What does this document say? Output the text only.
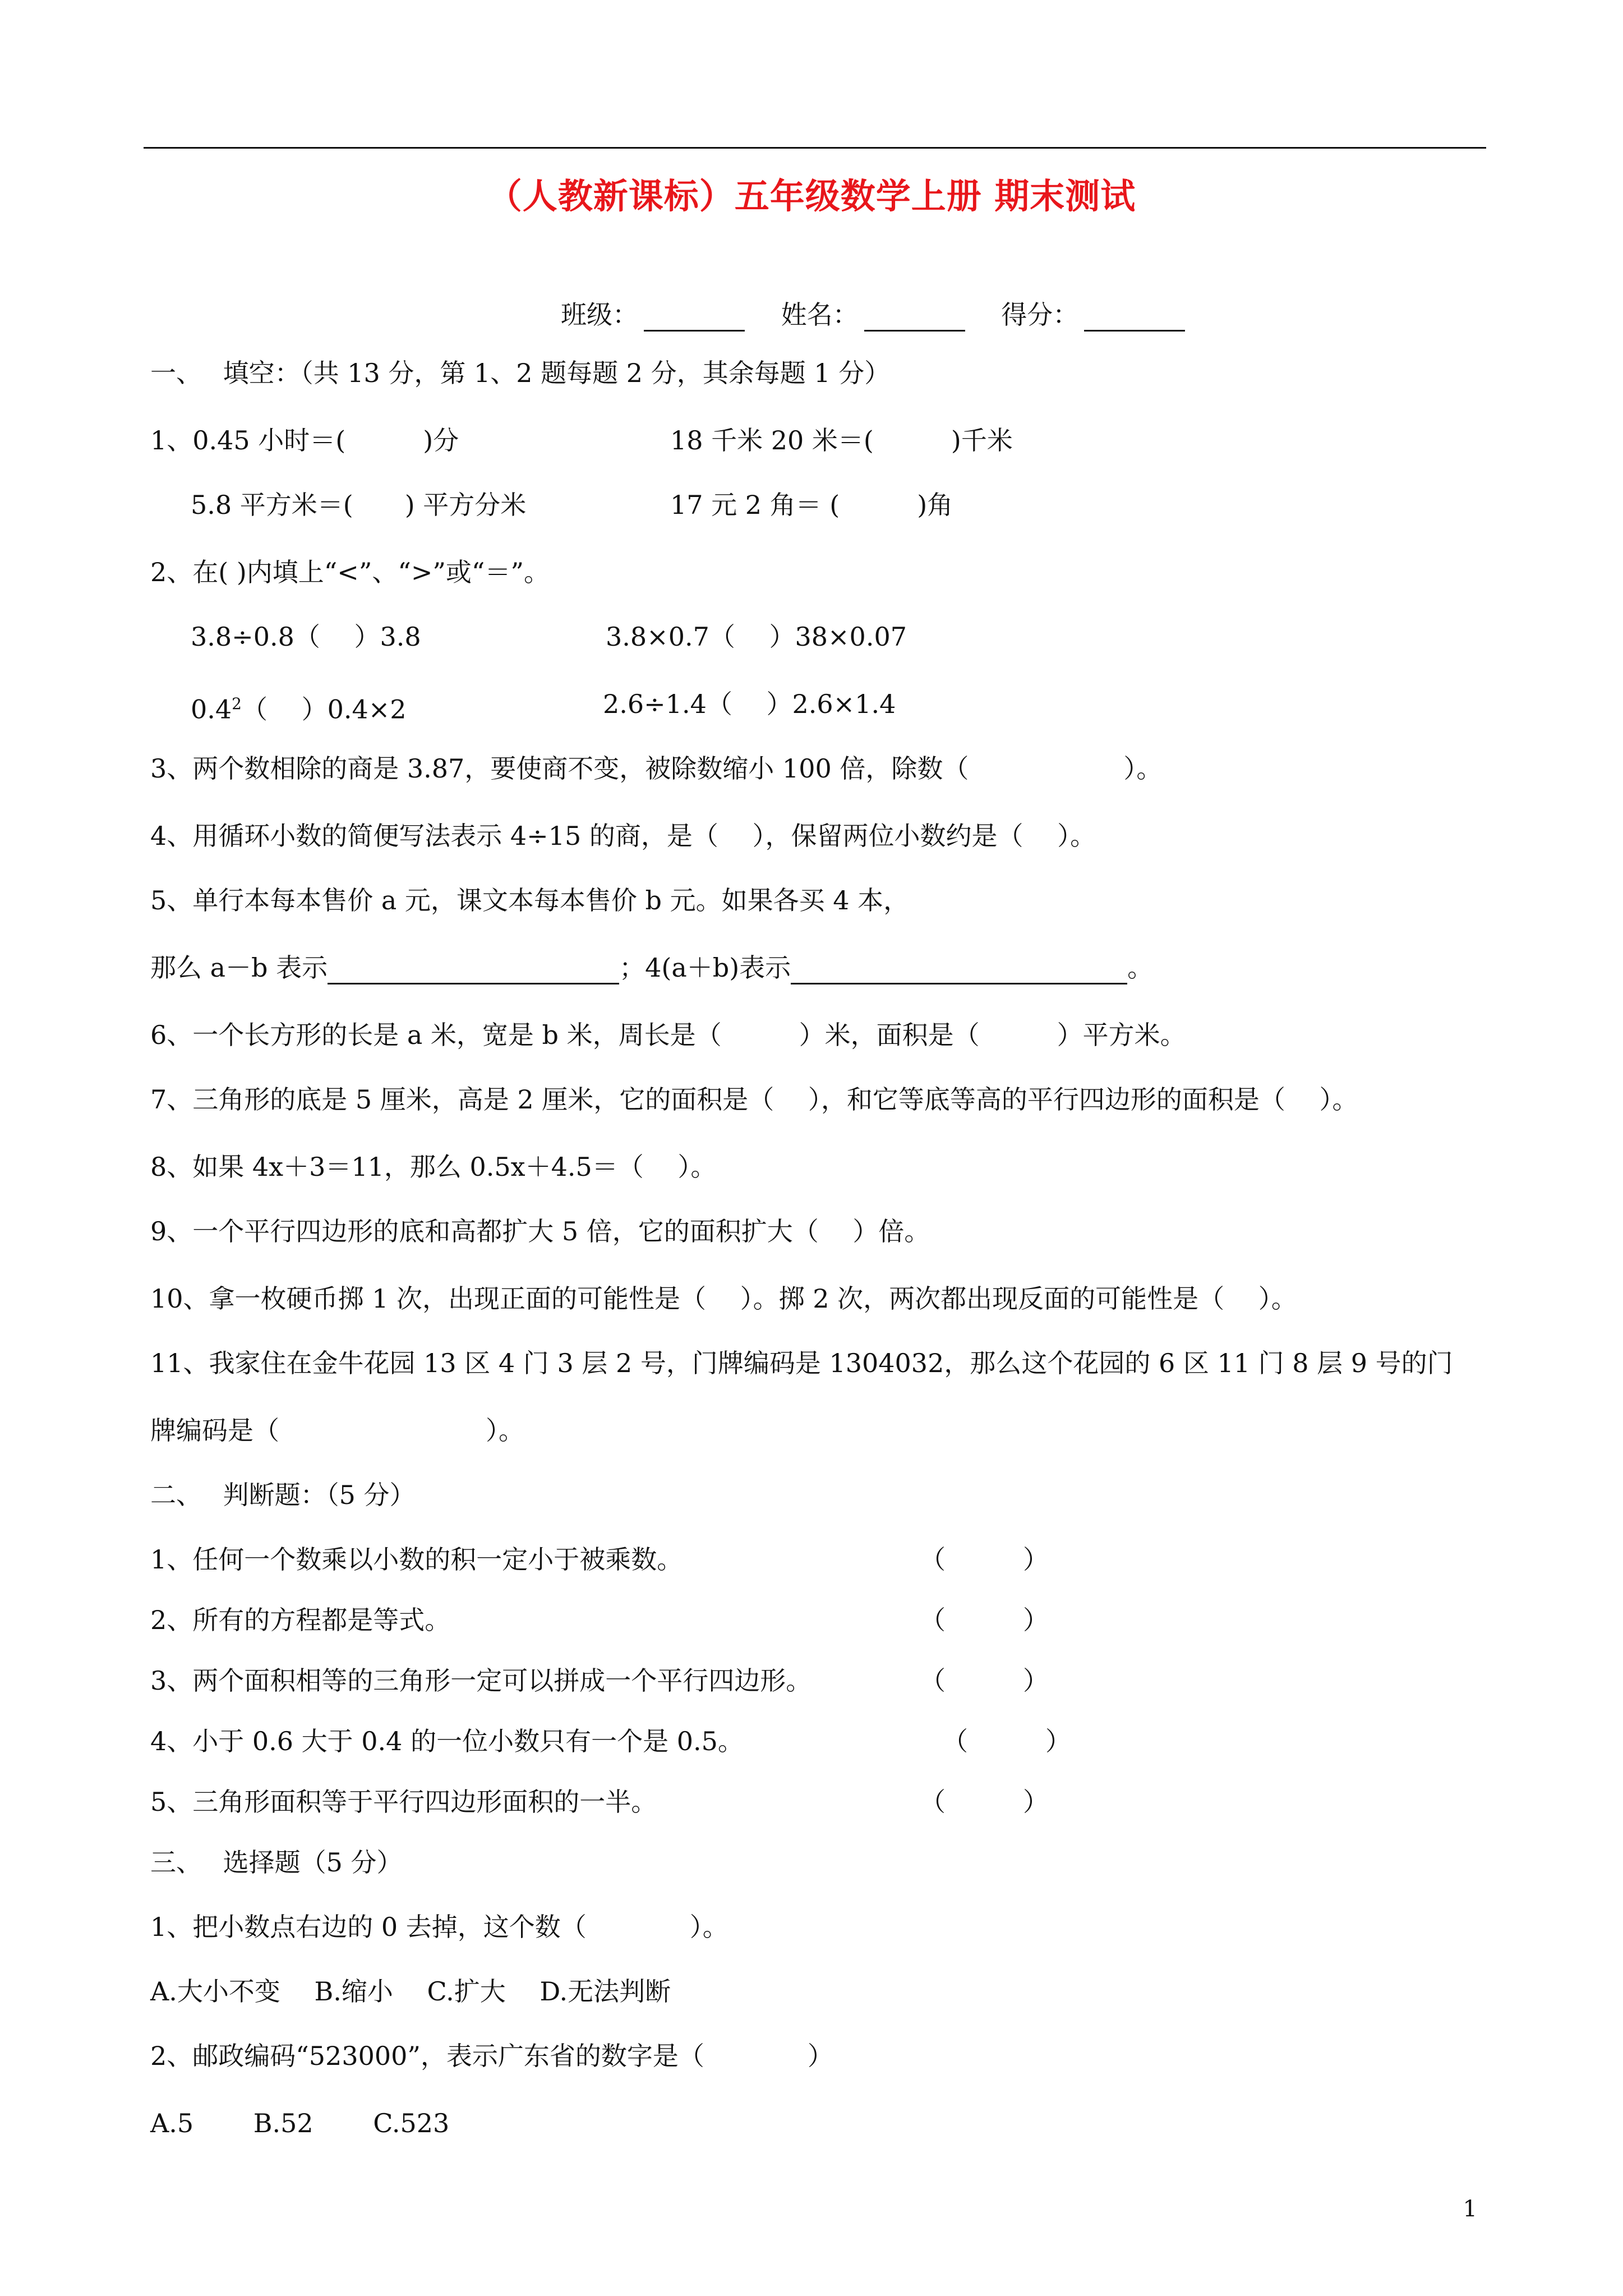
（人教新课标）五年级数学上册 期末测试
班级：	姓名：	得分：
一、　 填空：（共 13 分，第 1、2 题每题 2 分，其余每题 1 分）
1、0.45 小时＝(　　　)分	18 千米 20 米＝(　　　)千米
5.8 平方米＝(　　) 平方分米	17 元 2 角＝ (　　　)角
2、在( )内填上“<”、“>”或“＝”。
3.8÷0.8（　 ）3.8	3.8×0.7（　 ）38×0.07
$0.4^2$（　 ）0.4×2	2.6÷1.4（　 ）2.6×1.4
3、两个数相除的商是 3.87，要使商不变，被除数缩小 100 倍，除数（　　　　　　）。
4、用循环小数的简便写法表示 4÷15 的商，是（　 ），保留两位小数约是（　 ）。
5、单行本每本售价 a 元，课文本每本售价 b 元。如果各买 4 本，
那么 a－b 表示	；4(a＋b)表示	。
6、一个长方形的长是 a 米，宽是 b 米，周长是（　　　）米，面积是（　　　）平方米。
7、三角形的底是 5 厘米，高是 2 厘米，它的面积是（　 ），和它等底等高的平行四边形的面积是（　 ）。
8、如果 4x＋3＝11，那么 0.5x＋4.5＝（　 ）。
9、一个平行四边形的底和高都扩大 5 倍，它的面积扩大（　 ）倍。
10、拿一枚硬币掷 1 次，出现正面的可能性是（　 ）。掷 2 次，两次都出现反面的可能性是（　 ）。
11、我家住在金牛花园 13 区 4 门 3 层 2 号，门牌编码是 1304032，那么这个花园的 6 区 11 门 8 层 9 号的门
牌编码是（　　　　　　　　）。
二、　 判断题：（5 分）
1、任何一个数乘以小数的积一定小于被乘数。	（　　　）
2、所有的方程都是等式。	（　　　）
3、两个面积相等的三角形一定可以拼成一个平行四边形。	（　　　）
4、小于 0.6 大于 0.4 的一位小数只有一个是 0.5。	（　　　）
5、三角形面积等于平行四边形面积的一半。	（　　　）
三、　 选择题（5 分）
1、把小数点右边的 0 去掉，这个数（　　　　）。
A.大小不变　 B.缩小　 C.扩大　 D.无法判断
2、邮政编码“523000”，表示广东省的数字是（　　　　）
A.5　　 B.52　　 C.523
1
